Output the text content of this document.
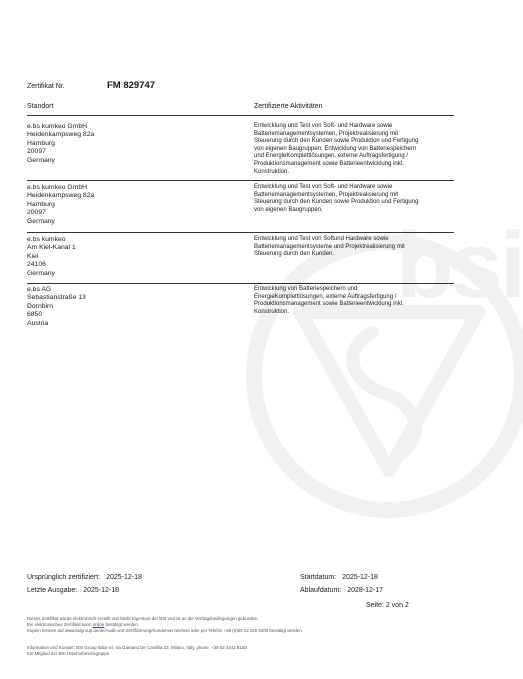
bsi
Zertifikat Nr.	FM 829747
Standort	Zertifizierte Aktivitäten
e.bs kumkeo GmbH
Heidenkampsweg 82a
Hamburg
20097
Germany
Entwicklung und Test von Soft- und Hardware sowie
Batteriemanagementsystemen, Projektrealisierung mit
Steuerung durch den Kunden sowie Produktion und Fertigung
von eigenen Baugruppen; Entwicklung von Batteriespeichern
und EnergieKomplettlösungen, externe Auftragsfertigung /
Produktionsmanagement sowie Batterieentwicklung inkl.
Konstruktion.
e.bs kumkeo GmbH
Heidenkampsweg 82a
Hamburg
20097
Germany
Entwicklung und Test von Soft- und Hardware sowie
Batteriemanagementsystemen, Projektrealisierung mit
Steuerung durch den Kunden sowie Produktion und Fertigung
von eigenen Baugruppen.
e.bs kumkeo
Am Kiel-Kanal 1
Kiel
24106
Germany
Entwicklung und Test von Softund Hardware sowie
Batteriemanagementsysteme und Projektrealisierung mit
Steuerung durch den Kunden.
e.bs AG
Sebastianstraße 13
Dornbirn
6850
Austria
Entwicklung von Batteriespeichern und
EnergieKomplettlösungen, externe Auftragsfertigung /
Produktionsmanagement sowie Batterieentwicklung inkl.
Konstruktion.
Ursprünglich zertifiziert: 2025-12-18
Letzte Ausgabe: 2025-12-18
Startdatum: 2025-12-18
Ablaufdatum: 2028-12-17
Seite: 2 von 2
Dieses Zertifikat wurde elektronisch erstellt und bleibt Eigentum der BSI und ist an die Vertragsbedingungen gebunden.
Ein elektronisches Zertifikat kann online bestätigt werden.
Kopien können auf www.bsigroup.de/de/Audit-und-Zertifizierung/Kundenverzeichnis oder per Telefon +49 (0)69 22 228 9200 bestätigt werden.
Information und Kontakt: BSI Group Italia srl, via Gaetano De Castillia 23, Milano, Italy, phone: +39 02 4441 8150
Ein Mitglied der BSI Unternehmensgruppe
